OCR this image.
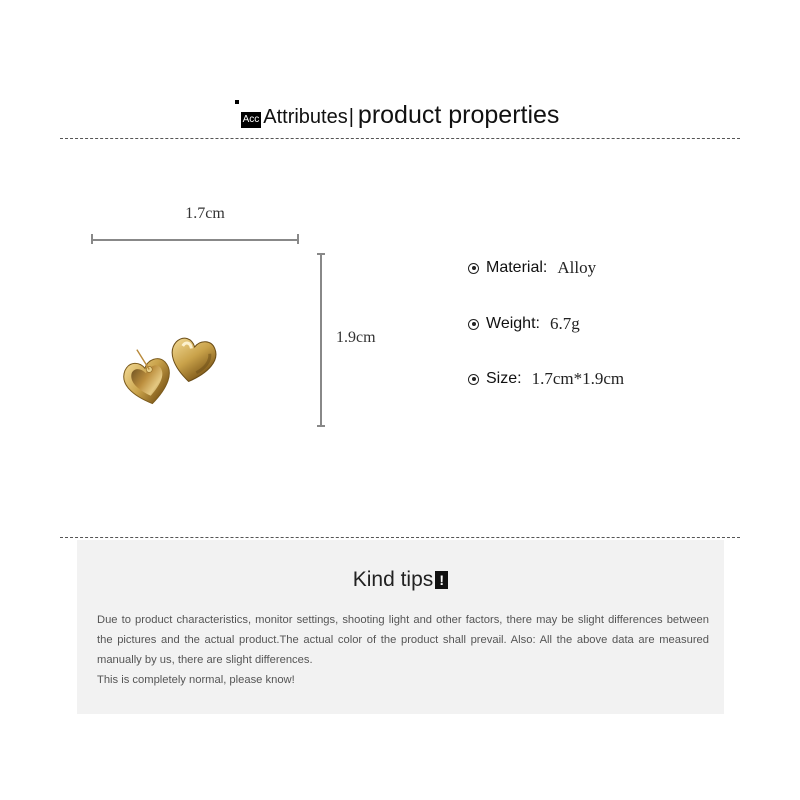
Acc Attributes | product properties
1.7cm
1.9cm
Material: Alloy
Weight: 6.7g
Size: 1.7cm*1.9cm
Kind tips !

Due to product characteristics, monitor settings, shooting light and other factors, there may be slight differences between the pictures and the actual product.The actual color of the product shall prevail. Also: All the above data are measured manually by us, there are slight differences.

This is completely normal, please know!
